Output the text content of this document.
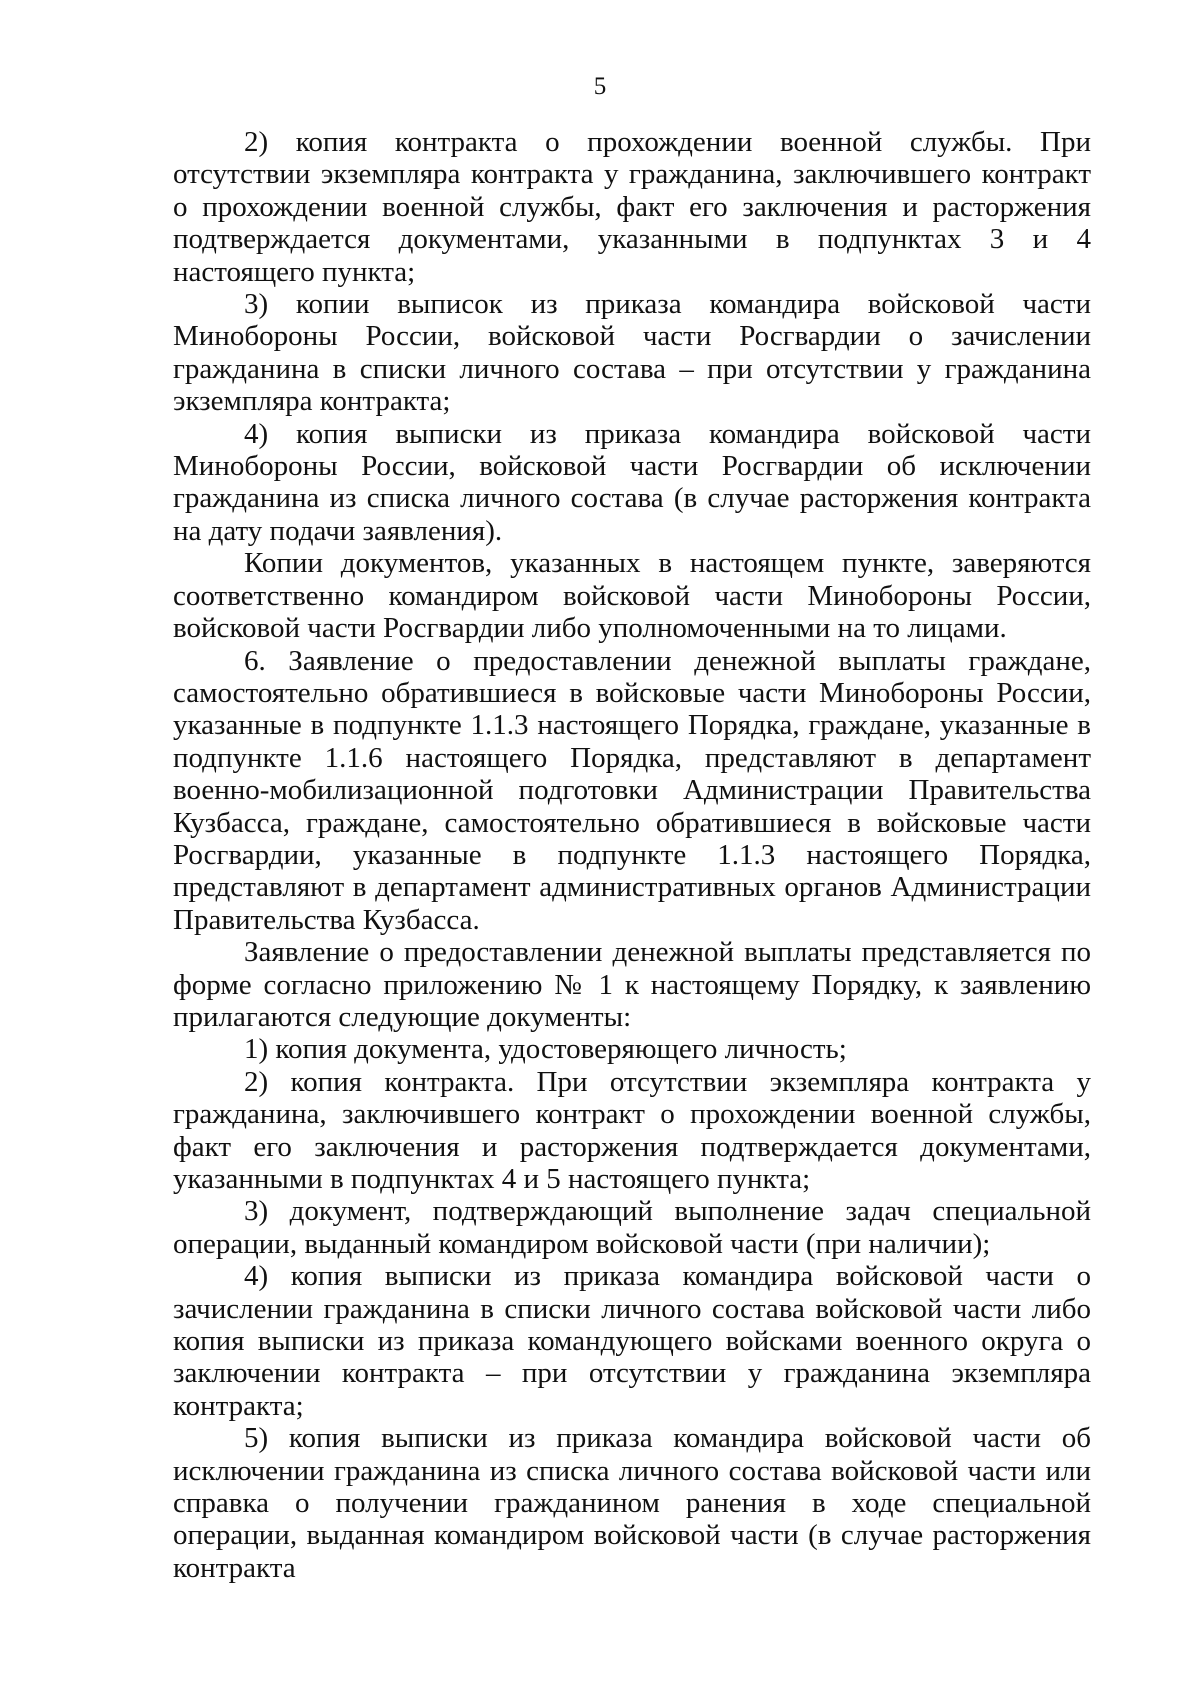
5

2) копия контракта о прохождении военной службы. При отсутствии экземпляра контракта у гражданина, заключившего контракт о прохождении военной службы, факт его заключения и расторжения подтверждается документами, указанными в подпунктах 3 и 4 настоящего пункта;

3) копии выписок из приказа командира войсковой части Минобороны России, войсковой части Росгвардии о зачислении гражданина в списки личного состава – при отсутствии у гражданина экземпляра контракта;

4) копия выписки из приказа командира войсковой части Минобороны России, войсковой части Росгвардии об исключении гражданина из списка личного состава (в случае расторжения контракта на дату подачи заявления).

Копии документов, указанных в настоящем пункте, заверяются соответственно командиром войсковой части Минобороны России, войсковой части Росгвардии либо уполномоченными на то лицами.

6. Заявление о предоставлении денежной выплаты граждане, самостоятельно обратившиеся в войсковые части Минобороны России, указанные в подпункте 1.1.3 настоящего Порядка, граждане, указанные в подпункте 1.1.6 настоящего Порядка, представляют в департамент военно-мобилизационной подготовки Администрации Правительства Кузбасса, граждане, самостоятельно обратившиеся в войсковые части Росгвардии, указанные в подпункте 1.1.3 настоящего Порядка, представляют в департамент административных органов Администрации Правительства Кузбасса.

Заявление о предоставлении денежной выплаты представляется по форме согласно приложению № 1 к настоящему Порядку, к заявлению прилагаются следующие документы:

1) копия документа, удостоверяющего личность;

2) копия контракта. При отсутствии экземпляра контракта у гражданина, заключившего контракт о прохождении военной службы, факт его заключения и расторжения подтверждается документами, указанными в подпунктах 4 и 5 настоящего пункта;

3) документ, подтверждающий выполнение задач специальной операции, выданный командиром войсковой части (при наличии);

4) копия выписки из приказа командира войсковой части о зачислении гражданина в списки личного состава войсковой части либо копия выписки из приказа командующего войсками военного округа о заключении контракта – при отсутствии у гражданина экземпляра контракта;

5) копия выписки из приказа командира войсковой части об исключении гражданина из списка личного состава войсковой части или справка о получении гражданином ранения в ходе специальной операции, выданная командиром войсковой части (в случае расторжения контракта
